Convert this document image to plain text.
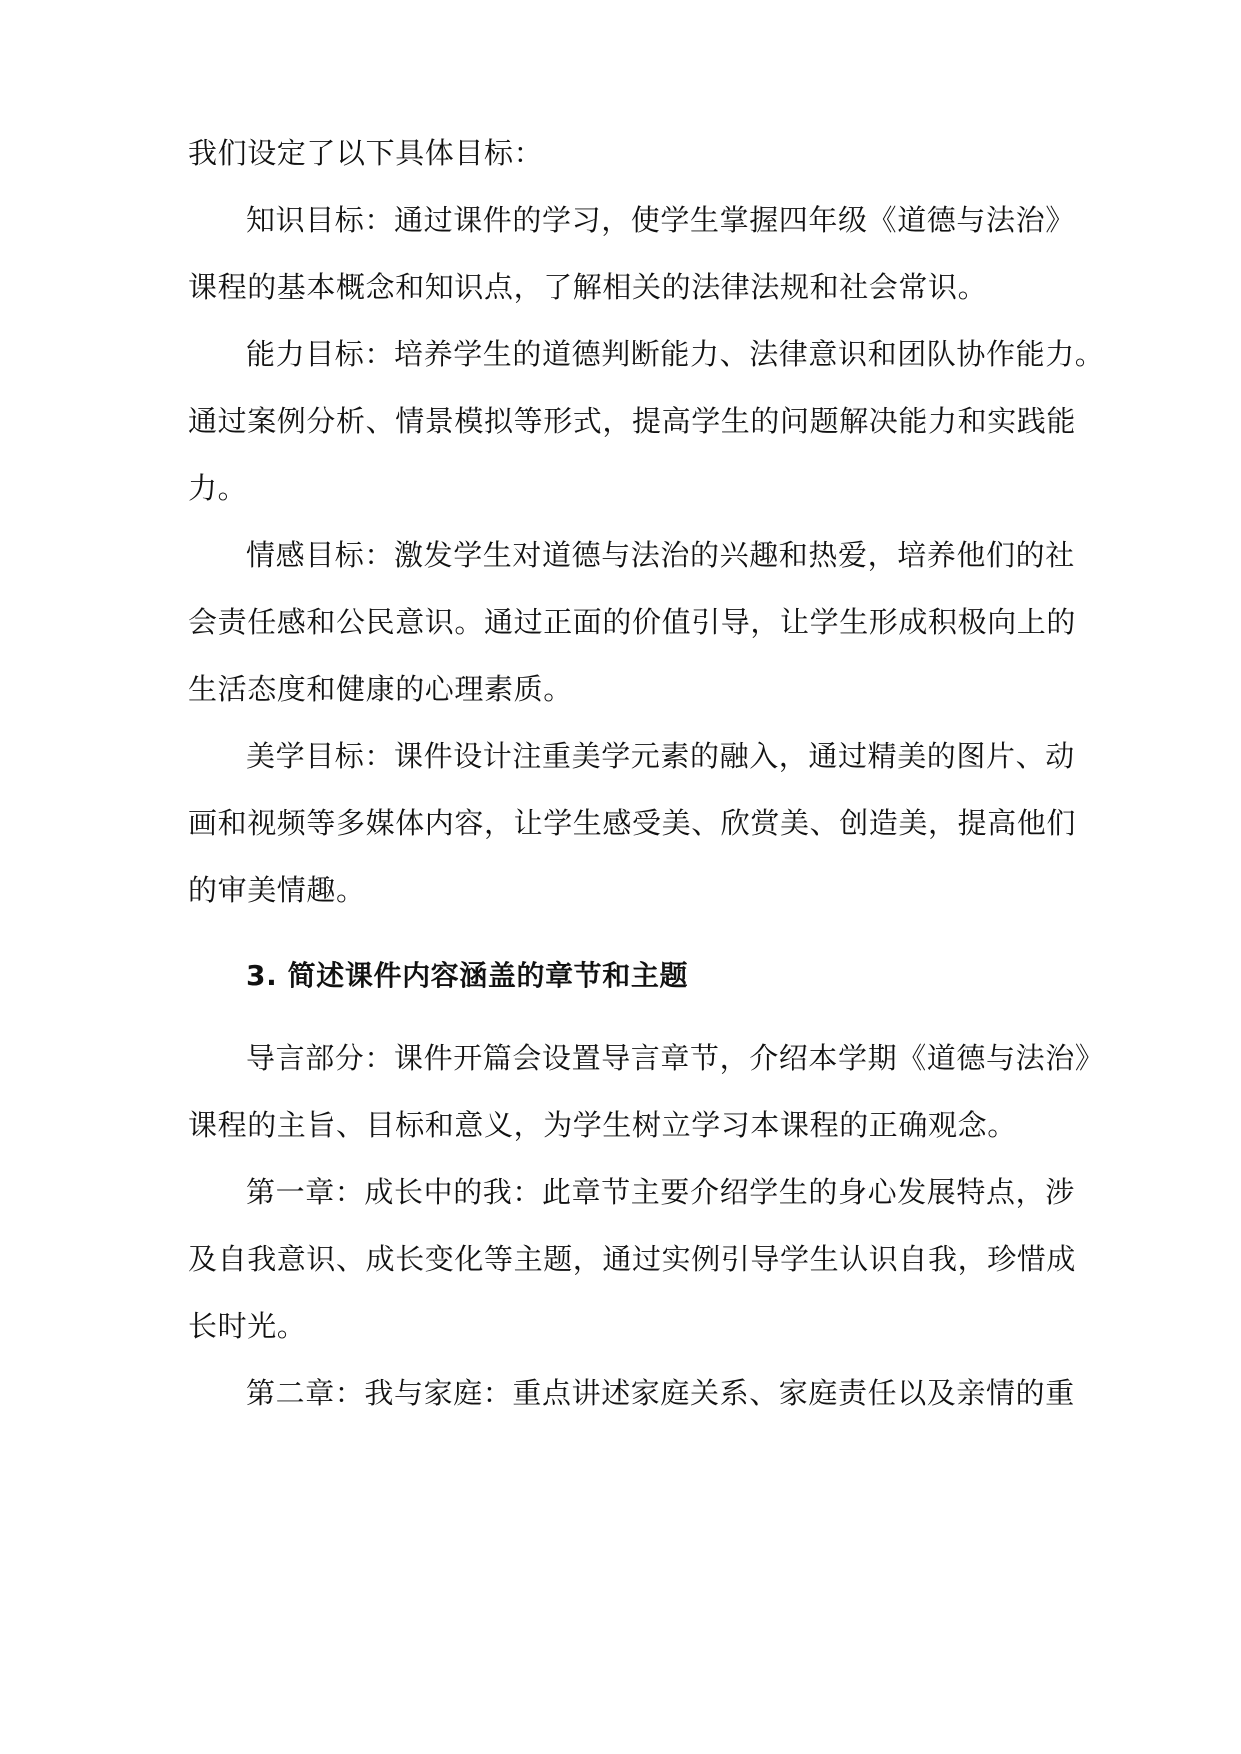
我们设定了以下具体目标：

知识目标：通过课件的学习，使学生掌握四年级《道德与法治》

课程的基本概念和知识点，了解相关的法律法规和社会常识。

能力目标：培养学生的道德判断能力、法律意识和团队协作能力。

通过案例分析、情景模拟等形式，提高学生的问题解决能力和实践能

力。

情感目标：激发学生对道德与法治的兴趣和热爱，培养他们的社

会责任感和公民意识。通过正面的价值引导，让学生形成积极向上的

生活态度和健康的心理素质。

美学目标：课件设计注重美学元素的融入，通过精美的图片、动

画和视频等多媒体内容，让学生感受美、欣赏美、创造美，提高他们

的审美情趣。

3. 简述课件内容涵盖的章节和主题

导言部分：课件开篇会设置导言章节，介绍本学期《道德与法治》

课程的主旨、目标和意义，为学生树立学习本课程的正确观念。

第一章：成长中的我：此章节主要介绍学生的身心发展特点，涉

及自我意识、成长变化等主题，通过实例引导学生认识自我，珍惜成

长时光。

第二章：我与家庭：重点讲述家庭关系、家庭责任以及亲情的重
